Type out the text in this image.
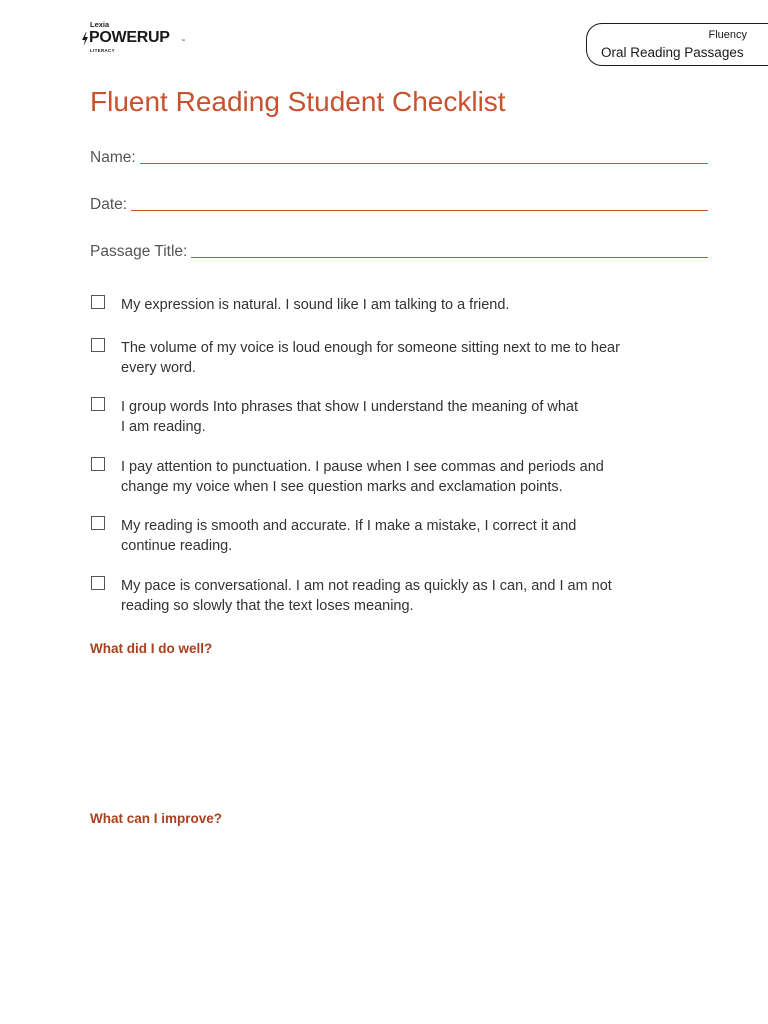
Lexia
POWERUP	™
LITERACY
Fluency
Oral Reading Passages
Fluent Reading Student Checklist
Name:
Date:
Passage Title:
My expression is natural. I sound like I am talking to a friend.
The volume of my voice is loud enough for someone sitting next to me to hear
every word.
I group words Into phrases that show I understand the meaning of what
I am reading.
I pay attention to punctuation. I pause when I see commas and periods and
change my voice when I see question marks and exclamation points.
My reading is smooth and accurate. If I make a mistake, I correct it and
continue reading.
My pace is conversational. I am not reading as quickly as I can, and I am not
reading so slowly that the text loses meaning.
What did I do well?
What can I improve?
